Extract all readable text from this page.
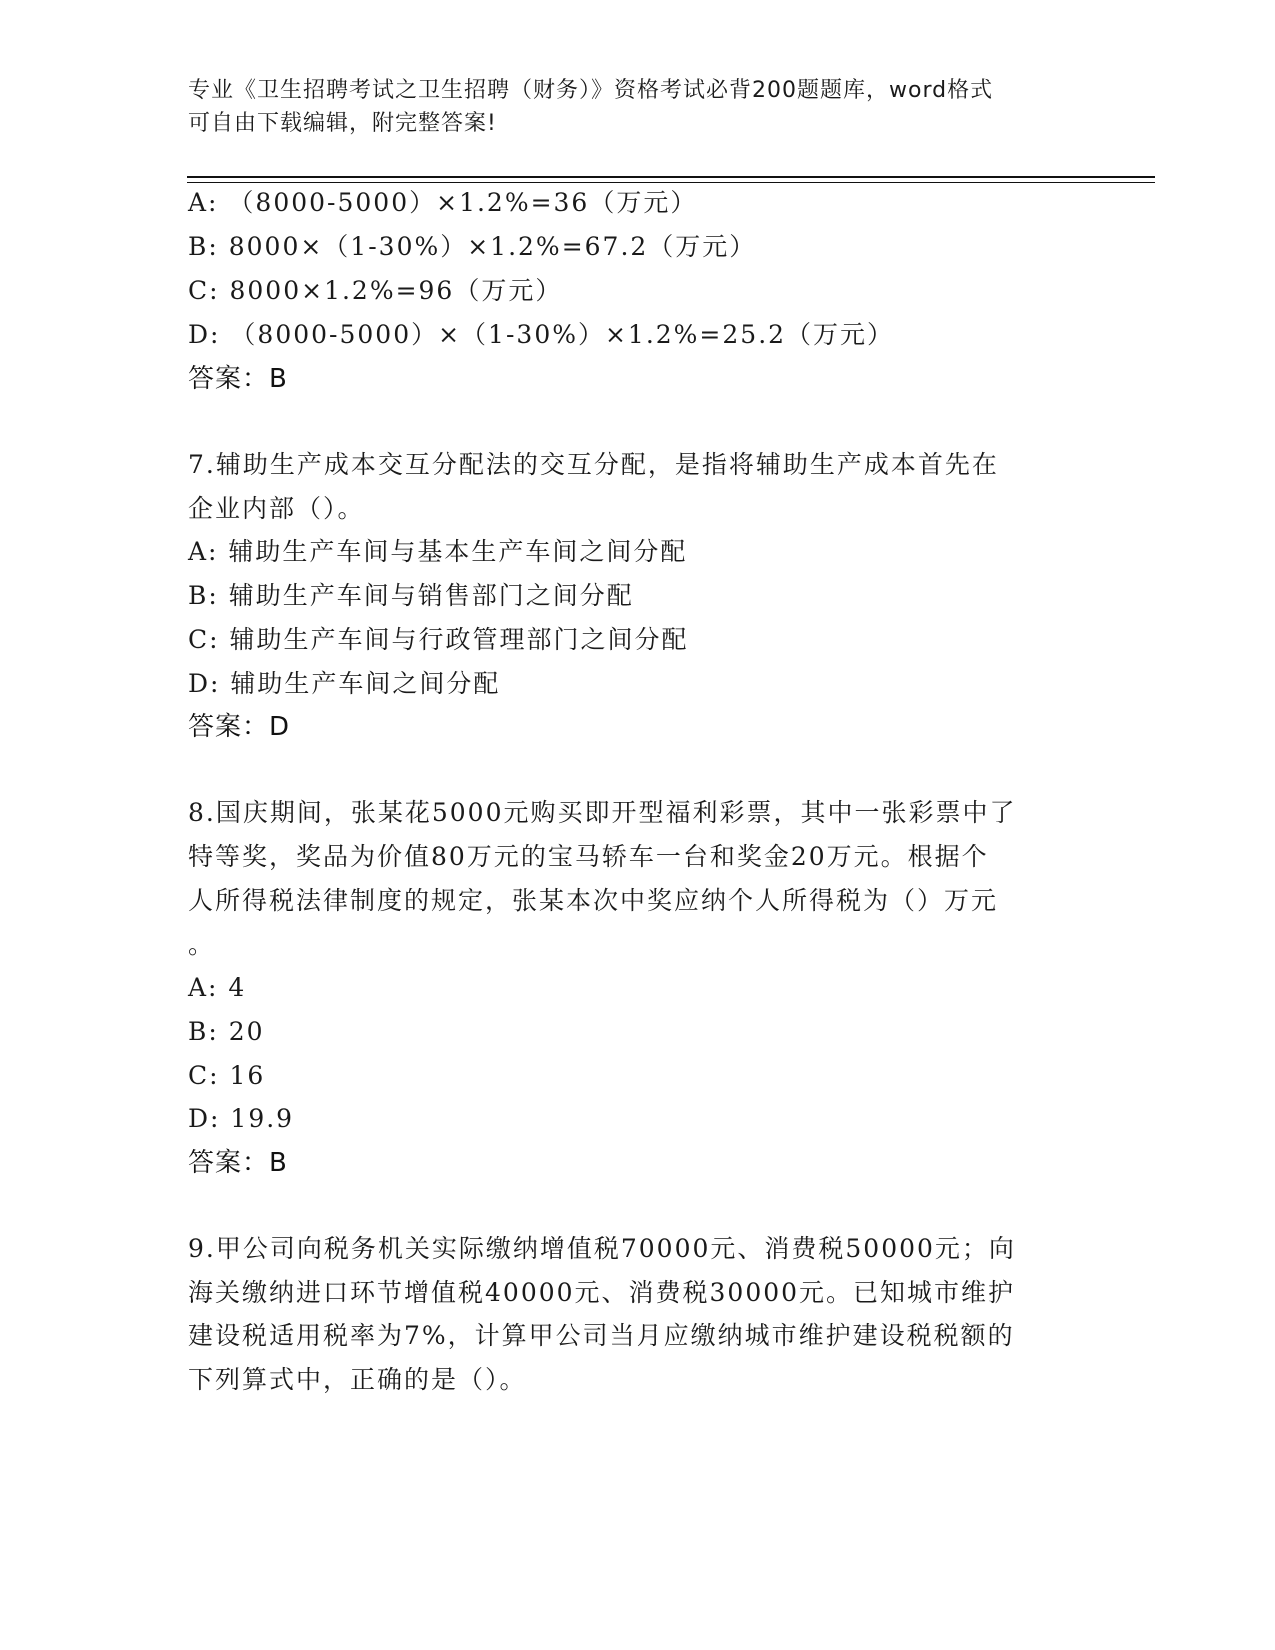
专业《卫生招聘考试之卫生招聘（财务）》资格考试必背200题题库，word格式
可自由下载编辑，附完整答案!
A: （8000-5000）×1.2%=36（万元）
B: 8000×（1-30%）×1.2%=67.2（万元）
C: 8000×1.2%=96（万元）
D: （8000-5000）×（1-30%）×1.2%=25.2（万元）
答案：B
7.辅助生产成本交互分配法的交互分配，是指将辅助生产成本首先在
企业内部（）。
A: 辅助生产车间与基本生产车间之间分配
B: 辅助生产车间与销售部门之间分配
C: 辅助生产车间与行政管理部门之间分配
D: 辅助生产车间之间分配
答案：D
8.国庆期间，张某花5000元购买即开型福利彩票，其中一张彩票中了
特等奖，奖品为价值80万元的宝马轿车一台和奖金20万元。根据个
人所得税法律制度的规定，张某本次中奖应纳个人所得税为（）万元
。
A: 4
B: 20
C: 16
D: 19.9
答案：B
9.甲公司向税务机关实际缴纳增值税70000元、消费税50000元；向
海关缴纳进口环节增值税40000元、消费税30000元。已知城市维护
建设税适用税率为7%，计算甲公司当月应缴纳城市维护建设税税额的
下列算式中，正确的是（）。
